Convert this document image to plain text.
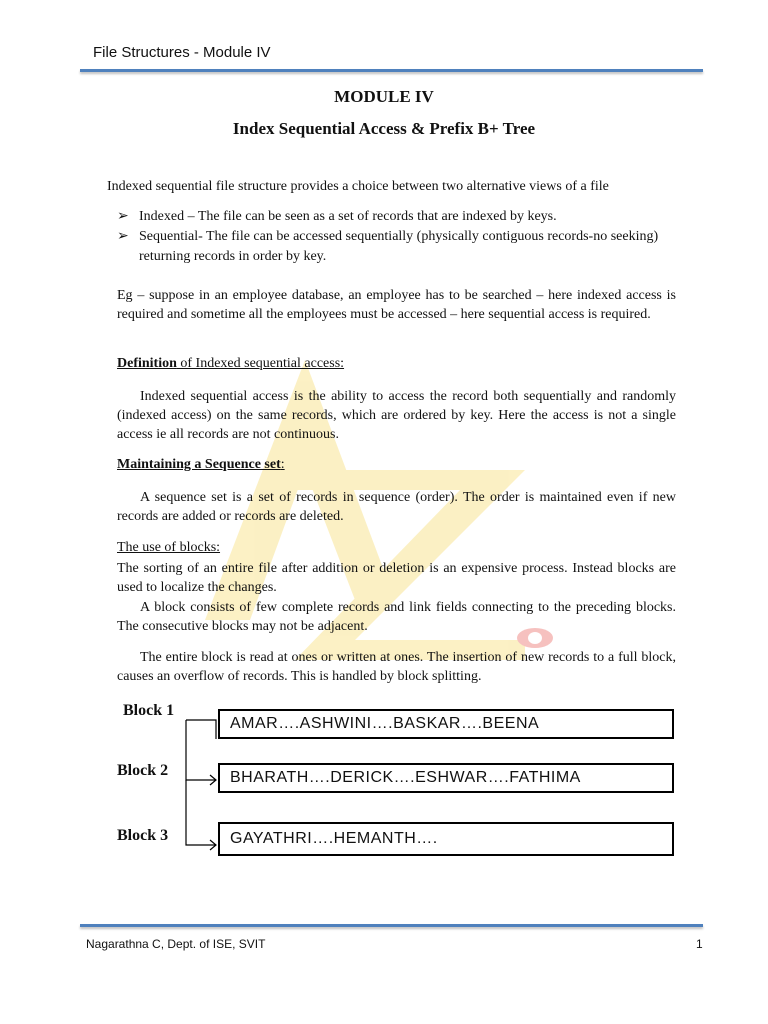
File Structures - Module IV
MODULE IV
Index Sequential Access & Prefix B+ Tree
Indexed sequential file structure provides a choice between two alternative views of a file
➢ Indexed – The file can be seen as a set of records that are indexed by keys.
➢ Sequential- The file can be accessed sequentially (physically contiguous records-no seeking) returning records in order by key.
Eg – suppose in an employee database, an employee has to be searched – here indexed access is required and sometime all the employees must be accessed – here sequential access is required.
Definition of Indexed sequential access:
Indexed sequential access is the ability to access the record both sequentially and randomly (indexed access) on the same records, which are ordered by key. Here the access is not a single access ie all records are not continuous.
Maintaining a Sequence set:
A sequence set is a set of records in sequence (order). The order is maintained even if new records are added or records are deleted.
The use of blocks:
The sorting of an entire file after addition or deletion is an expensive process. Instead blocks are used to localize the changes.
A block consists of few complete records and link fields connecting to the preceding blocks. The consecutive blocks may not be adjacent.
The entire block is read at ones or written at ones. The insertion of new records to a full block, causes an overflow of records. This is handled by block splitting.
Block 1
Block 2
Block 3
AMAR….ASHWINI….BASKAR….BEENA
BHARATH….DERICK….ESHWAR….FATHIMA
GAYATHRI….HEMANTH….
Nagarathna C, Dept. of ISE, SVIT	1
